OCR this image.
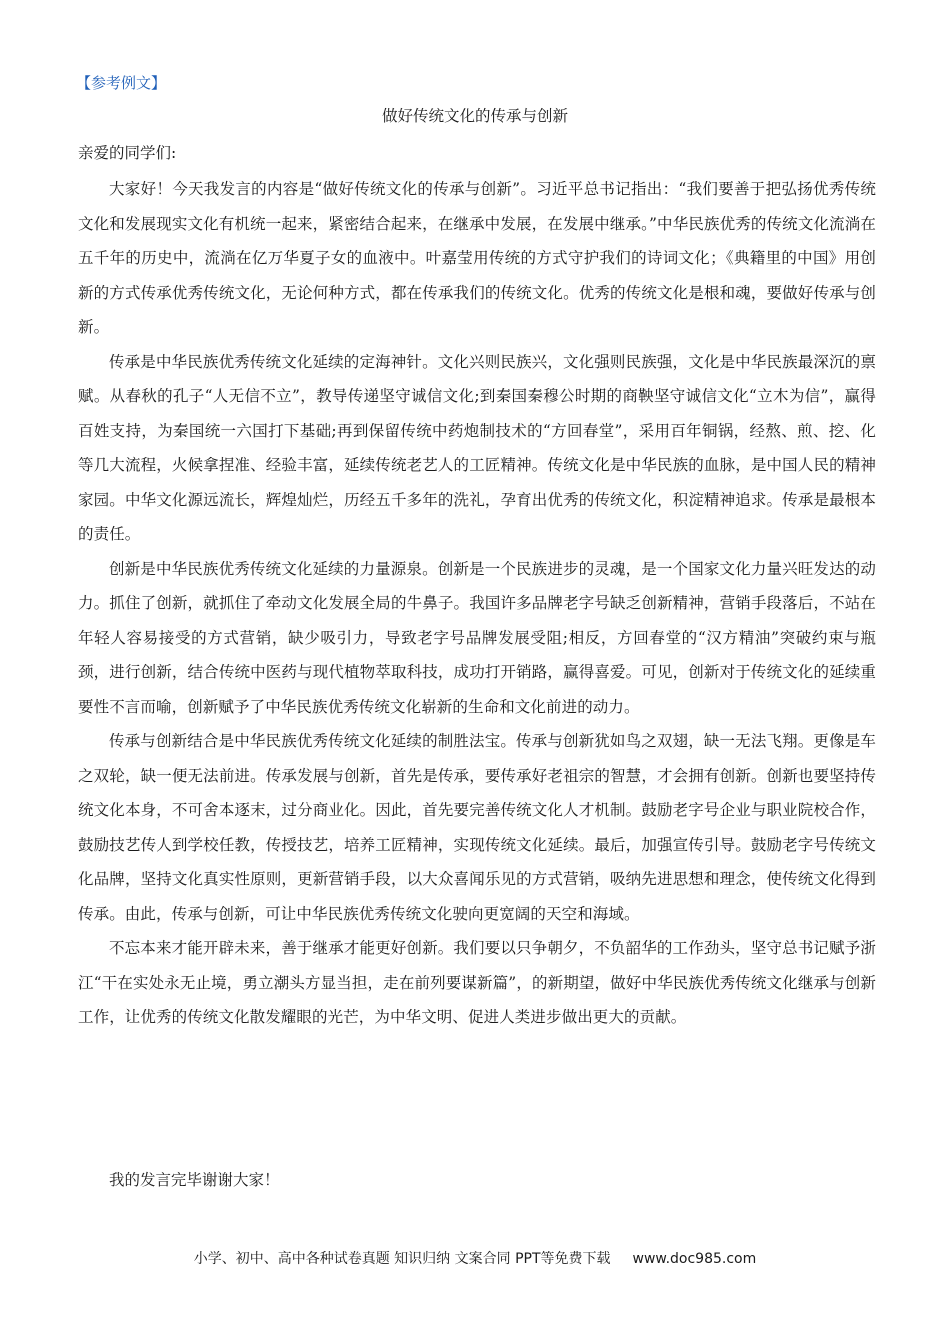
【参考例文】
做好传统文化的传承与创新
亲爱的同学们:

大家好！今天我发言的内容是“做好传统文化的传承与创新”。习近平总书记指出：“我们要善于把弘扬优秀传统文化和发展现实文化有机统一起来，紧密结合起来，在继承中发展，在发展中继承。”中华民族优秀的传统文化流淌在五千年的历史中，流淌在亿万华夏子女的血液中。叶嘉莹用传统的方式守护我们的诗词文化；《典籍里的中国》用创新的方式传承优秀传统文化，无论何种方式，都在传承我们的传统文化。优秀的传统文化是根和魂，要做好传承与创新。

传承是中华民族优秀传统文化延续的定海神针。文化兴则民族兴，文化强则民族强，文化是中华民族最深沉的禀赋。从春秋的孔子“人无信不立”，教导传递坚守诚信文化;到秦国秦穆公时期的商鞅坚守诚信文化“立木为信”，赢得百姓支持，为秦国统一六国打下基础;再到保留传统中药炮制技术的“方回春堂”，采用百年铜锅，经熬、煎、挖、化等几大流程，火候拿捏准、经验丰富，延续传统老艺人的工匠精神。传统文化是中华民族的血脉，是中国人民的精神家园。中华文化源远流长，辉煌灿烂，历经五千多年的洗礼，孕育出优秀的传统文化，积淀精神追求。传承是最根本的责任。

创新是中华民族优秀传统文化延续的力量源泉。创新是一个民族进步的灵魂，是一个国家文化力量兴旺发达的动力。抓住了创新，就抓住了牵动文化发展全局的牛鼻子。我国许多品牌老字号缺乏创新精神，营销手段落后，不站在年轻人容易接受的方式营销，缺少吸引力，导致老字号品牌发展受阻;相反，方回春堂的“汉方精油”突破约束与瓶颈，进行创新，结合传统中医药与现代植物萃取科技，成功打开销路，赢得喜爱。可见，创新对于传统文化的延续重要性不言而喻，创新赋予了中华民族优秀传统文化崭新的生命和文化前进的动力。

传承与创新结合是中华民族优秀传统文化延续的制胜法宝。传承与创新犹如鸟之双翅，缺一无法飞翔。更像是车之双轮，缺一便无法前进。传承发展与创新，首先是传承，要传承好老祖宗的智慧，才会拥有创新。创新也要坚持传统文化本身，不可舍本逐末，过分商业化。因此，首先要完善传统文化人才机制。鼓励老字号企业与职业院校合作，鼓励技艺传人到学校任教，传授技艺，培养工匠精神，实现传统文化延续。最后，加强宣传引导。鼓励老字号传统文化品牌，坚持文化真实性原则，更新营销手段，以大众喜闻乐见的方式营销，吸纳先进思想和理念，使传统文化得到传承。由此，传承与创新，可让中华民族优秀传统文化驶向更宽阔的天空和海域。

不忘本来才能开辟未来，善于继承才能更好创新。我们要以只争朝夕，不负韶华的工作劲头，坚守总书记赋予浙江“干在实处永无止境，勇立潮头方显当担，走在前列要谋新篇”，的新期望，做好中华民族优秀传统文化继承与创新工作，让优秀的传统文化散发耀眼的光芒，为中华文明、促进人类进步做出更大的贡献。

我的发言完毕谢谢大家！
小学、初中、高中各种试卷真题 知识归纳 文案合同 PPT等免费下载 www.doc985.com
